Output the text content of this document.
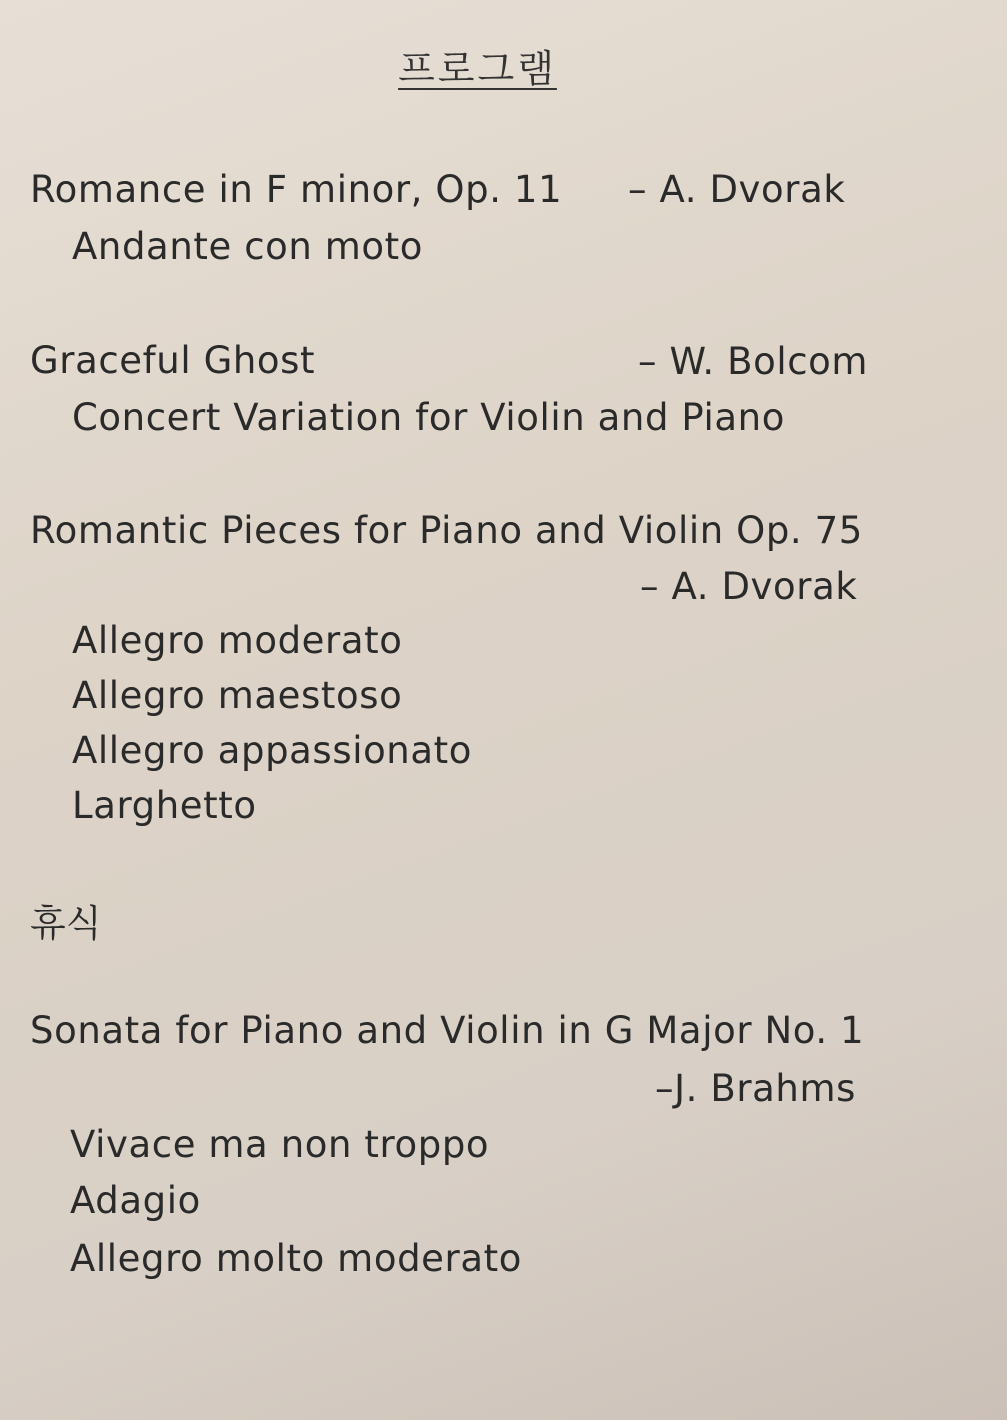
프로그램
Romance in F minor, Op. 11 – A. Dvorak
Andante con moto
Graceful Ghost	– W. Bolcom
Concert Variation for Violin and Piano
Romantic Pieces for Piano and Violin Op. 75
– A. Dvorak
Allegro moderato
Allegro maestoso
Allegro appassionato
Larghetto
휴식
Sonata for Piano and Violin in G Major No. 1
–J. Brahms
Vivace ma non troppo
Adagio
Allegro molto moderato
